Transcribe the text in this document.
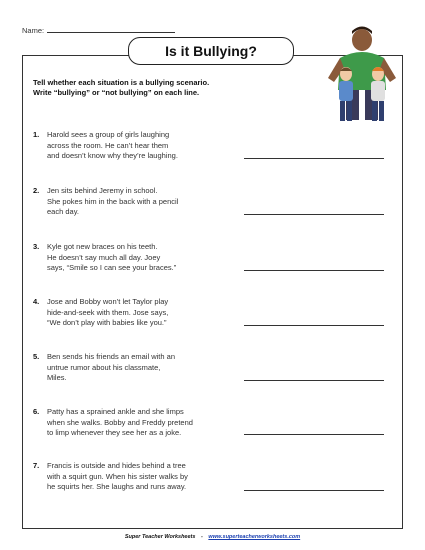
Name:
Is it Bullying?
Tell whether each situation is a bullying scenario.
Write “bullying” or “not bullying” on each line.
1. Harold sees a group of girls laughing
across the room. He can’t hear them
and doesn’t know why they’re laughing.
2. Jen sits behind Jeremy in school.
She pokes him in the back with a pencil
each day.
3. Kyle got new braces on his teeth.
He doesn’t say much all day. Joey
says, “Smile so I can see your braces.”
4. Jose and Bobby won’t let Taylor play
hide-and-seek with them. Jose says,
“We don’t play with babies like you.”
5. Ben sends his friends an email with an
untrue rumor about his classmate,
Miles.
6. Patty has a sprained ankle and she limps
when she walks. Bobby and Freddy pretend
to limp whenever they see her as a joke.
7. Francis is outside and hides behind a tree
with a squirt gun. When his sister walks by
he squirts her. She laughs and runs away.
Super Teacher Worksheets - www.superteacherworksheets.com
